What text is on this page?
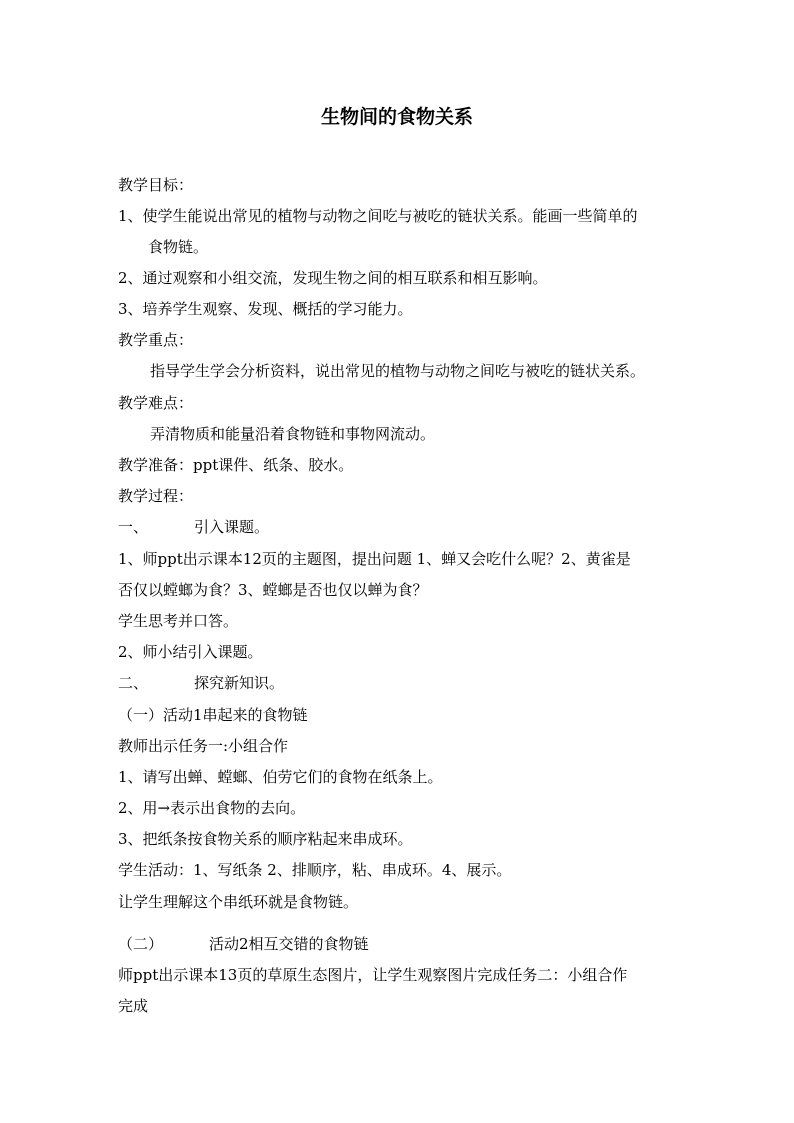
生物间的食物关系
教学目标：
1、使学生能说出常见的植物与动物之间吃与被吃的链状关系。能画一些简单的
食物链。
2、通过观察和小组交流，发现生物之间的相互联系和相互影响。
3、培养学生观察、发现、概括的学习能力。
教学重点：
指导学生学会分析资料，说出常见的植物与动物之间吃与被吃的链状关系。
教学难点：
弄清物质和能量沿着食物链和事物网流动。
教学准备：ppt课件、纸条、胶水。
教学过程：
一、	引入课题。
1、师ppt出示课本12页的主题图，提出问题 1、蝉又会吃什么呢？2、黄雀是
否仅以螳螂为食？3、螳螂是否也仅以蝉为食？
学生思考并口答。
2、师小结引入课题。
二、	探究新知识。
（一）活动1串起来的食物链
教师出示任务一:小组合作
1、请写出蝉、螳螂、伯劳它们的食物在纸条上。
2、用→表示出食物的去向。
3、把纸条按食物关系的顺序粘起来串成环。
学生活动：1、写纸条 2、排顺序，粘、串成环。4、展示。
让学生理解这个串纸环就是食物链。
（二）	活动2相互交错的食物链
师ppt出示课本13页的草原生态图片，让学生观察图片完成任务二：小组合作
完成
